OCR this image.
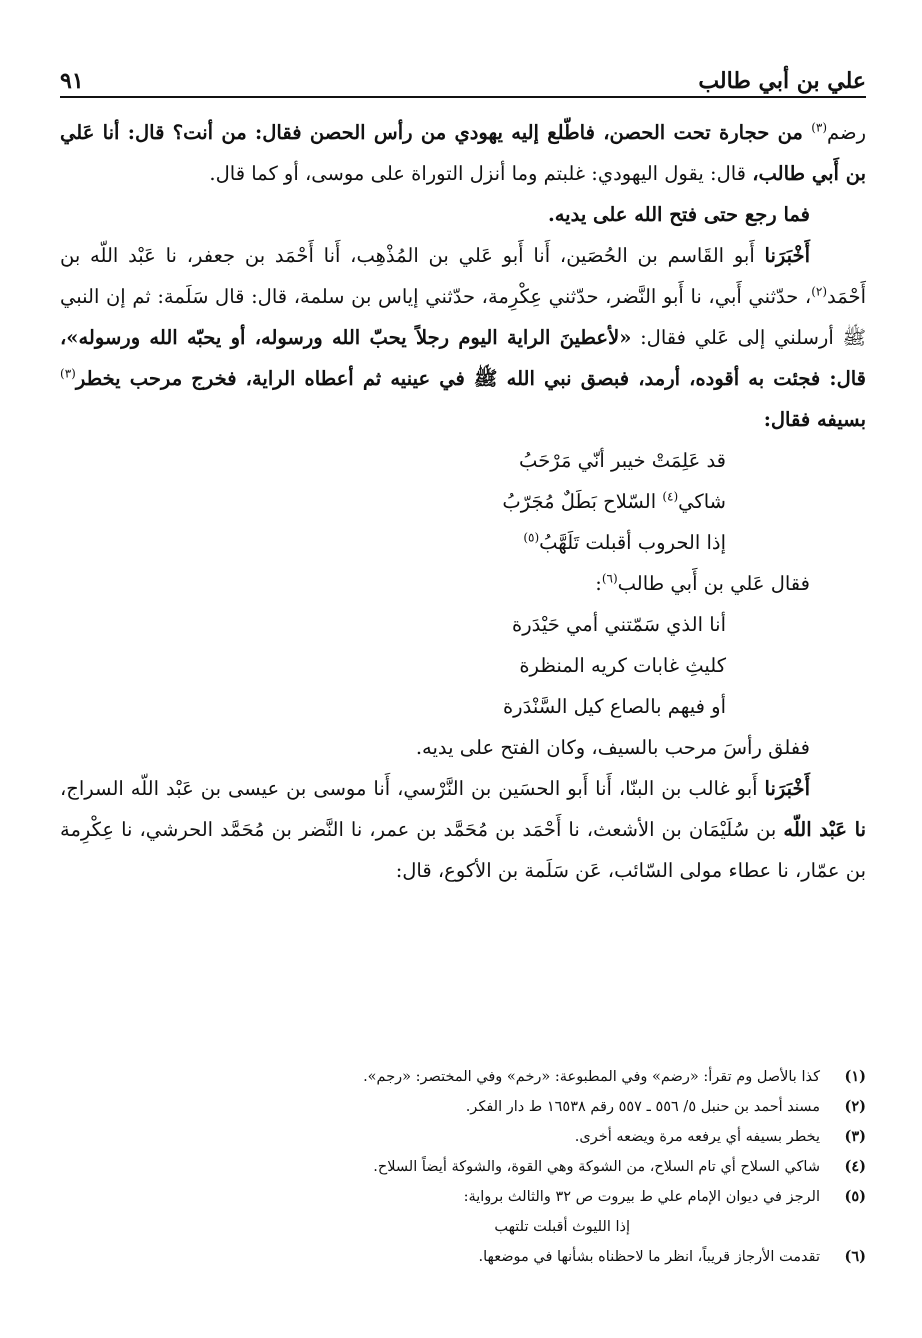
علي بن أبي طالب
٩١

رضم$^{(٣)}$ من حجارة تحت الحصن، فاطّلع إليه يهودي من رأس الحصن فقال: من أنت؟ قال: أنا عَلي بن أَبي طالب، قال: يقول اليهودي: غلبتم وما أنزل التوراة على موسى، أو كما قال.

فما رجع حتى فتح الله على يديه.

أَخْبَرَنا أَبو القَاسم بن الحُصَين، أَنا أَبو عَلي بن المُذْهِب، أَنا أَحْمَد بن جعفر، نا عَبْد اللّه بن أَحْمَد$^{(٢)}$، حدّثني أَبي، نا أَبو النَّضر، حدّثني عِكْرِمة، حدّثني إياس بن سلمة، قال: قال سَلَمة: ثم إن النبي ﷺ أرسلني إلى عَلي فقال: «لأعطينَ الراية اليوم رجلاً يحبّ الله ورسوله، أو يحبّه الله ورسوله»، قال: فجئت به أقوده، أرمد، فبصق نبي الله ﷺ في عينيه ثم أعطاه الراية، فخرج مرحب يخطر$^{(٣)}$ بسيفه فقال:

قد عَلِمَتْ خيبر أنّي مَرْحَبُ
شاكي$^{(٤)}$ السّلاح بَطَلٌ مُجَرّبُ
إذا الحروب أقبلت تَلَهَّبُ$^{(٥)}$

فقال عَلي بن أَبي طالب$^{(٦)}$:

أنا الذي سَمّتني أمي حَيْدَرة
كليثِ غابات كريه المنظرة
أو فيهم بالصاع كيل السَّنْدَرة

ففلق رأسَ مرحب بالسيف، وكان الفتح على يديه.

أَخْبَرَنا أَبو غالب بن البنّا، أَنا أَبو الحسَين بن النَّرْسي، أَنا موسى بن عيسى بن عَبْد اللّه السراج، نا عَبْد اللّه بن سُلَيْمَان بن الأشعث، نا أَحْمَد بن مُحَمَّد بن عمر، نا النَّضر بن مُحَمَّد الحرشي، نا عِكْرِمة بن عمّار، نا عطاء مولى السّائب، عَن سَلَمة بن الأكوع، قال:

(١)
كذا بالأصل وم تقرأ: «رضم» وفي المطبوعة: «رخم» وفي المختصر: «رجم».
(٢)
مسند أحمد بن حنبل ٥/ ٥٥٦ ـ ٥٥٧ رقم ١٦٥٣٨ ط دار الفكر.
(٣)
يخطر بسيفه أي يرفعه مرة ويضعه أخرى.
(٤)
شاكي السلاح أي تام السلاح، من الشوكة وهي القوة، والشوكة أيضاً السلاح.
(٥)
الرجز في ديوان الإمام علي ط بيروت ص ٣٢ والثالث برواية:
إذا الليوث أقبلت تلتهب
(٦)
تقدمت الأرجاز قريباً، انظر ما لاحظناه بشأنها في موضعها.
